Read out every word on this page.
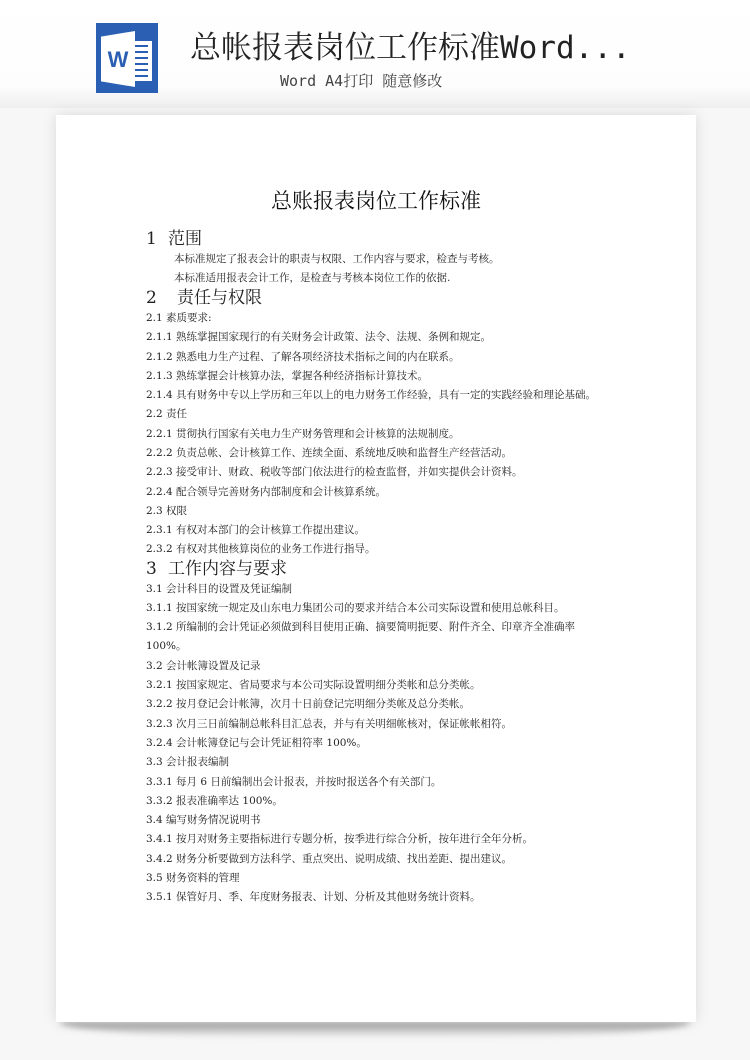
W 总帐报表岗位工作标准Word...
Word A4打印 随意修改
总账报表岗位工作标准
1 范围
本标准规定了报表会计的职责与权限、工作内容与要求，检查与考核。
本标准适用报表会计工作，是检查与考核本岗位工作的依据.
2 责任与权限
2.1 素质要求:
2.1.1 熟练掌握国家现行的有关财务会计政策、法令、法规、条例和规定。
2.1.2 熟悉电力生产过程、了解各项经济技术指标之间的内在联系。
2.1.3 熟练掌握会计核算办法，掌握各种经济指标计算技术。
2.1.4 具有财务中专以上学历和三年以上的电力财务工作经验，具有一定的实践经验和理论基础。
2.2 责任
2.2.1 贯彻执行国家有关电力生产财务管理和会计核算的法规制度。
2.2.2 负责总帐、会计核算工作、连续全面、系统地反映和监督生产经营活动。
2.2.3 接受审计、财政、税收等部门依法进行的检查监督，并如实提供会计资料。
2.2.4 配合领导完善财务内部制度和会计核算系统。
2.3 权限
2.3.1 有权对本部门的会计核算工作提出建议。
2.3.2 有权对其他核算岗位的业务工作进行指导。
3 工作内容与要求
3.1 会计科目的设置及凭证编制
3.1.1 按国家统一规定及山东电力集团公司的要求并结合本公司实际设置和使用总帐科目。
3.1.2 所编制的会计凭证必须做到科目使用正确、摘要简明扼要、附件齐全、印章齐全准确率 100%。
3.2 会计帐簿设置及记录
3.2.1 按国家规定、省局要求与本公司实际设置明细分类帐和总分类帐。
3.2.2 按月登记会计帐簿，次月十日前登记完明细分类帐及总分类帐。
3.2.3 次月三日前编制总帐科目汇总表，并与有关明细帐核对，保证帐帐相符。
3.2.4 会计帐簿登记与会计凭证相符率 100%。
3.3 会计报表编制
3.3.1 每月 6 日前编制出会计报表，并按时报送各个有关部门。
3.3.2 报表准确率达 100%。
3.4 编写财务情况说明书
3.4.1 按月对财务主要指标进行专题分析，按季进行综合分析，按年进行全年分析。
3.4.2 财务分析要做到方法科学、重点突出、说明成绩、找出差距、提出建议。
3.5 财务资料的管理
3.5.1 保管好月、季、年度财务报表、计划、分析及其他财务统计资料。
